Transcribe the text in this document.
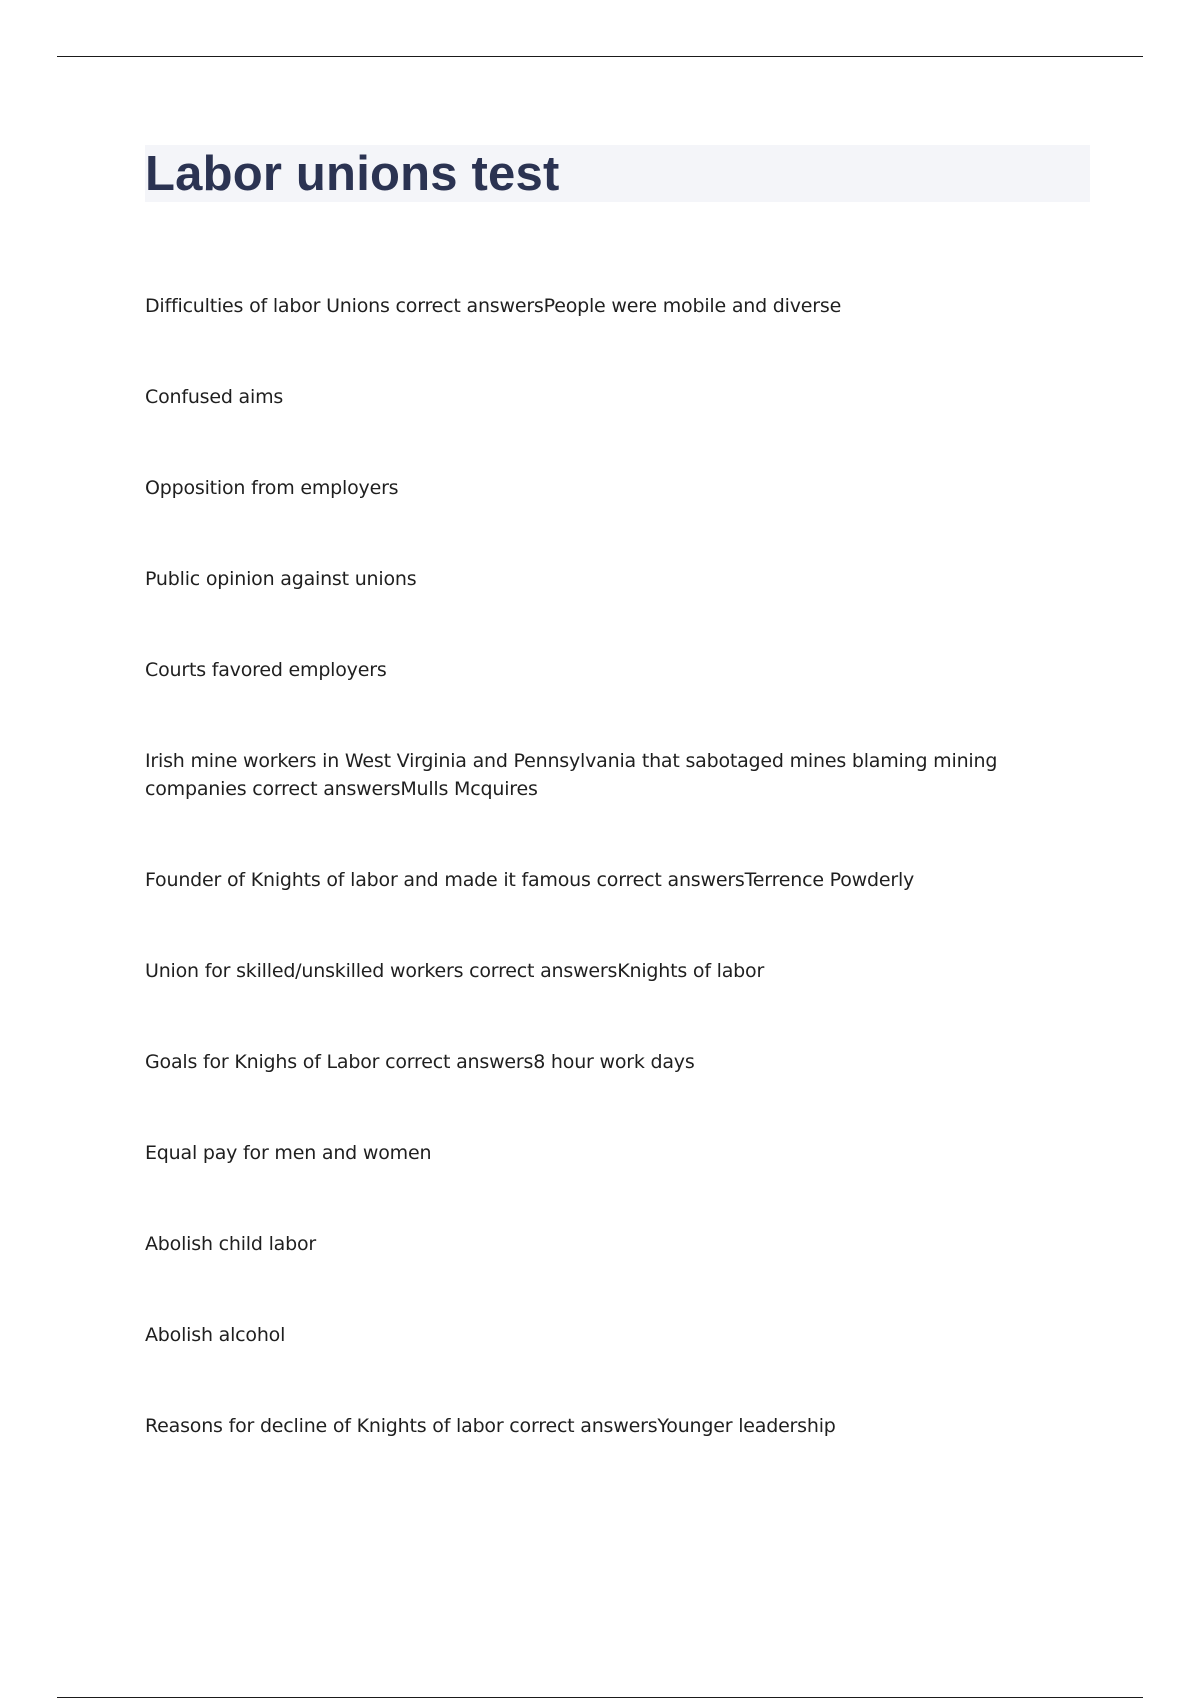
Labor unions test

Difficulties of labor Unions correct answersPeople were mobile and diverse

Confused aims

Opposition from employers

Public opinion against unions

Courts favored employers

Irish mine workers in West Virginia and Pennsylvania that sabotaged mines blaming mining companies correct answersMulls Mcquires

Founder of Knights of labor and made it famous correct answersTerrence Powderly

Union for skilled/unskilled workers correct answersKnights of labor

Goals for Knighs of Labor correct answers8 hour work days

Equal pay for men and women

Abolish child labor

Abolish alcohol

Reasons for decline of Knights of labor correct answersYounger leadership
